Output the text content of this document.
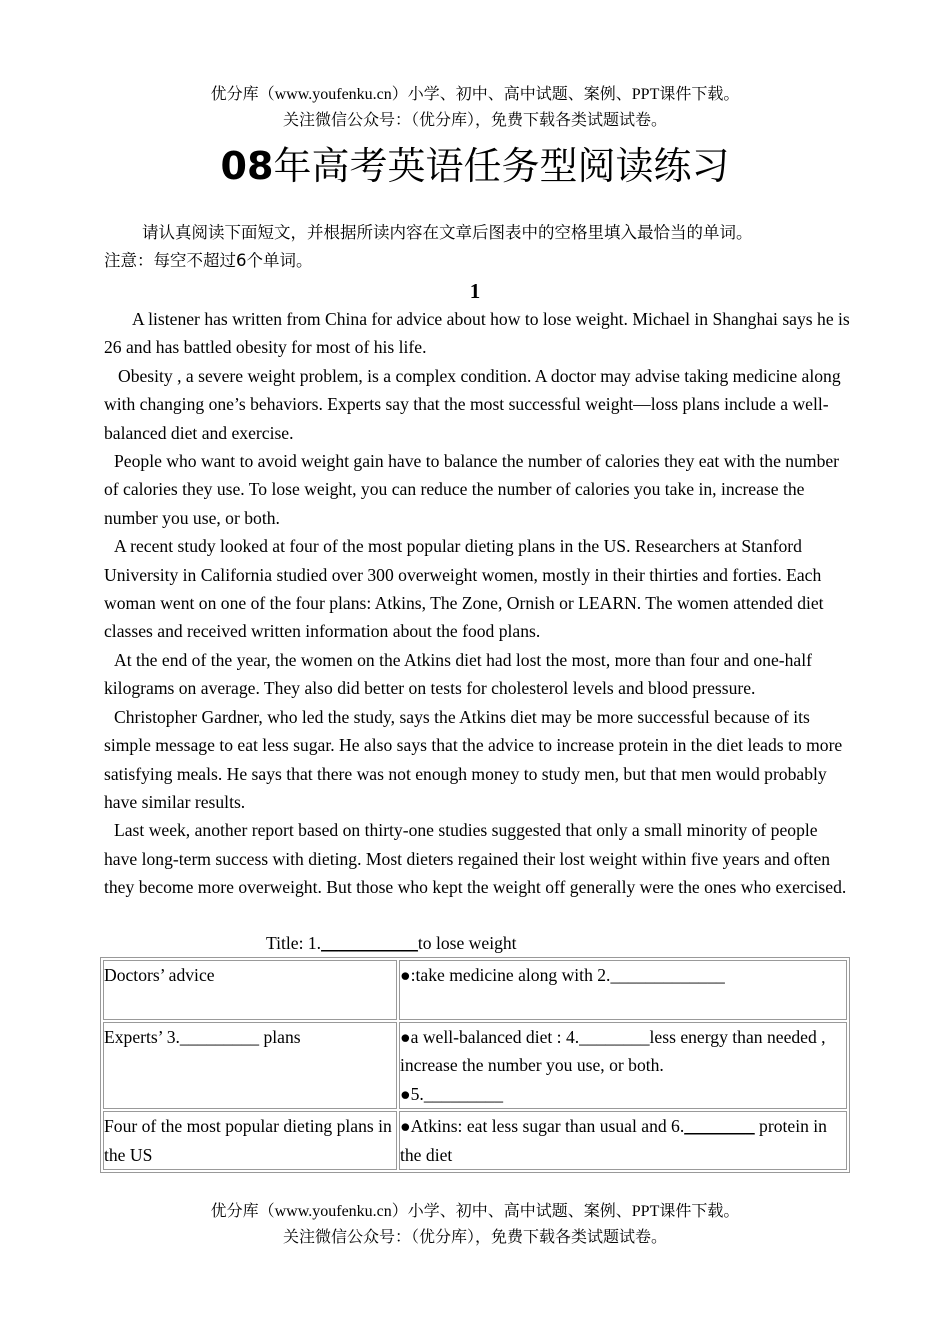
优分库（www.youfenku.cn）小学、初中、高中试题、案例、PPT课件下载。
关注微信公众号：（优分库），免费下载各类试题试卷。
08年高考英语任务型阅读练习

请认真阅读下面短文，并根据所读内容在文章后图表中的空格里填入最恰当的单词。

注意：每空不超过6个单词。

1

A listener has written from China for advice about how to lose weight. Michael in Shanghai says he is 26 and has battled obesity for most of his life.

Obesity , a severe weight problem, is a complex condition. A doctor may advise taking medicine along with changing one’s behaviors. Experts say that the most successful weight—loss plans include a well-balanced diet and exercise.

People who want to avoid weight gain have to balance the number of calories they eat with the number of calories they use. To lose weight, you can reduce the number of calories you take in, increase the number you use, or both.

A recent study looked at four of the most popular dieting plans in the US. Researchers at Stanford University in California studied over 300 overweight women, mostly in their thirties and forties. Each woman went on one of the four plans: Atkins, The Zone, Ornish or LEARN. The women attended diet classes and received written information about the food plans.

At the end of the year, the women on the Atkins diet had lost the most, more than four and one-half kilograms on average. They also did better on tests for cholesterol levels and blood pressure.

Christopher Gardner, who led the study, says the Atkins diet may be more successful because of its simple message to eat less sugar. He also says that the advice to increase protein in the diet leads to more satisfying meals. He says that there was not enough money to study men, but that men would probably have similar results.

Last week, another report based on thirty-one studies suggested that only a small minority of people have long-term success with dieting. Most dieters regained their lost weight within five years and often they become more overweight. But those who kept the weight off generally were the ones who exercised.

Title: 1.___________to lose weight
Doctors’ advice	●:take medicine along with 2._____________

Experts’ 3._________ plans	●a well-balanced diet : 4.________less energy than needed , increase the number you use, or both.
●5._________

Four of the most popular dieting plans in the US	●Atkins: eat less sugar than usual and 6.________ protein in the diet
优分库（www.youfenku.cn）小学、初中、高中试题、案例、PPT课件下载。
关注微信公众号：（优分库），免费下载各类试题试卷。
